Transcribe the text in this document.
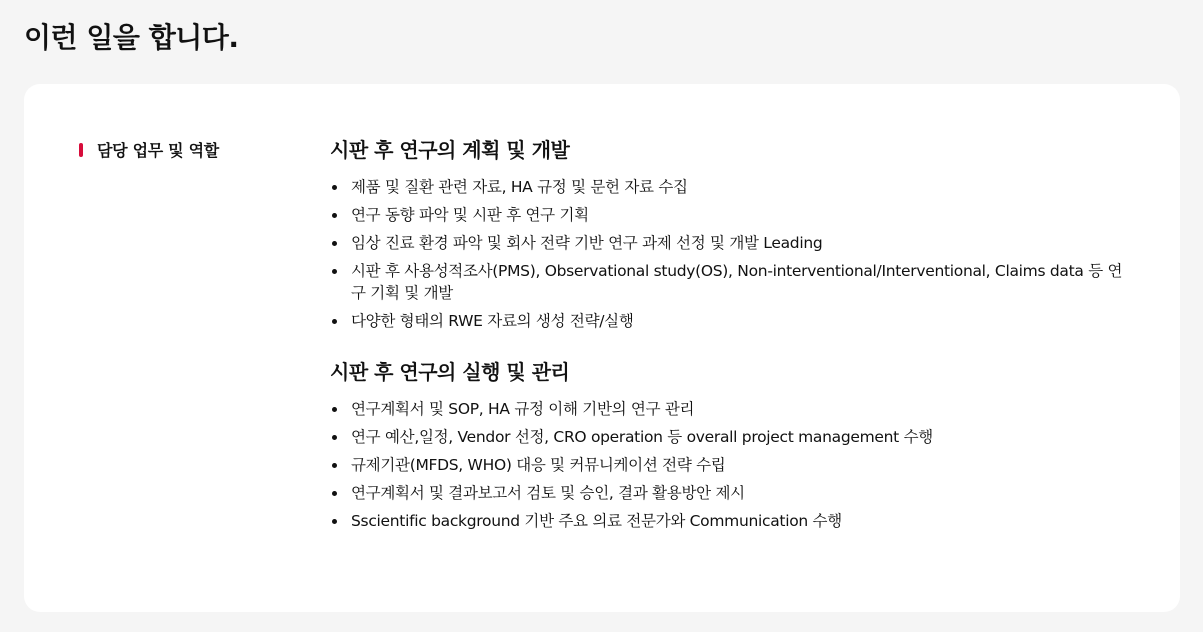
이런 일을 합니다.
담당 업무 및 역할	시판 후 연구의 계획 및 개발
제품 및 질환 관련 자료, HA 규정 및 문헌 자료 수집
연구 동향 파악 및 시판 후 연구 기획
임상 진료 환경 파악 및 회사 전략 기반 연구 과제 선정 및 개발 Leading
시판 후 사용성적조사(PMS), Observational study(OS), Non-interventional/Interventional, Claims data 등 연구 기획 및 개발
다양한 형태의 RWE 자료의 생성 전략/실행
시판 후 연구의 실행 및 관리
연구계획서 및 SOP, HA 규정 이해 기반의 연구 관리
연구 예산,일정, Vendor 선정, CRO operation 등 overall project management 수행
규제기관(MFDS, WHO) 대응 및 커뮤니케이션 전략 수립
연구계획서 및 결과보고서 검토 및 승인, 결과 활용방안 제시
Sscientific background 기반 주요 의료 전문가와 Communication 수행
